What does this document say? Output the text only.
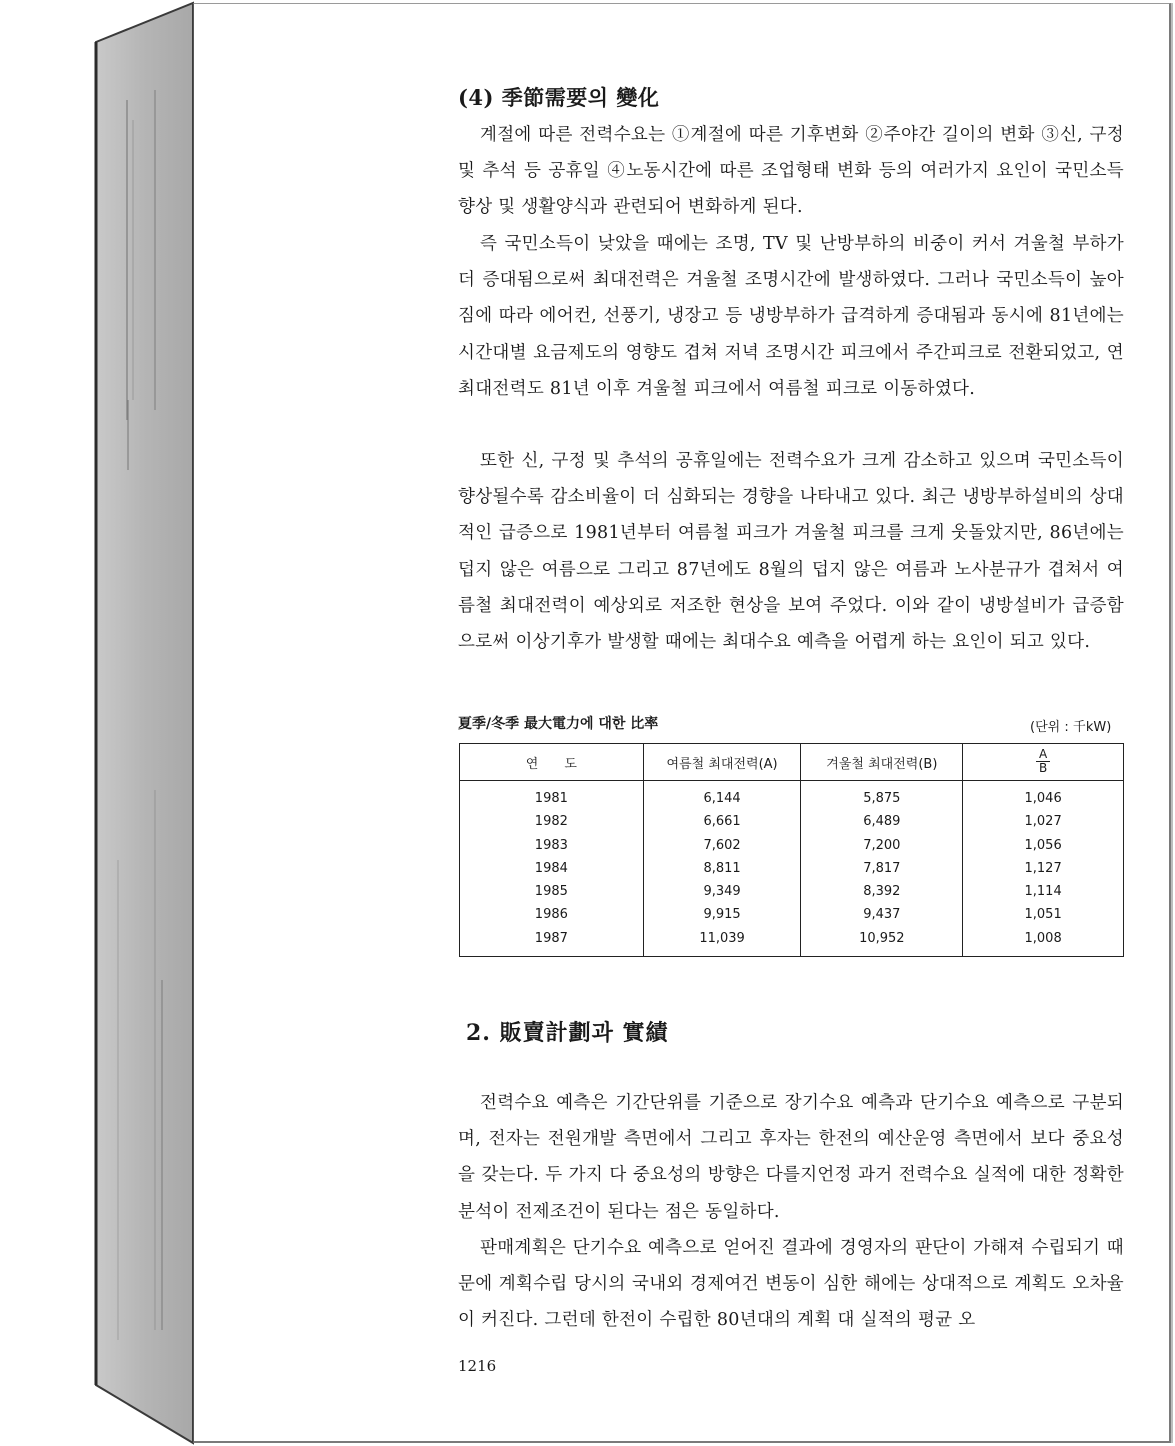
(4) 季節需要의 變化

계절에 따른 전력수요는 ①계절에 따른 기후변화 ②주야간 길이의 변화 ③신, 구정 및 추석 등 공휴일 ④노동시간에 따른 조업형태 변화 등의 여러가지 요인이 국민소득 향상 및 생활양식과 관련되어 변화하게 된다.

즉 국민소득이 낮았을 때에는 조명, TV 및 난방부하의 비중이 커서 겨울철 부하가 더 증대됨으로써 최대전력은 겨울철 조명시간에 발생하였다. 그러나 국민소득이 높아짐에 따라 에어컨, 선풍기, 냉장고 등 냉방부하가 급격하게 증대됨과 동시에 81년에는 시간대별 요금제도의 영향도 겹쳐 저녁 조명시간 피크에서 주간피크로 전환되었고, 연 최대전력도 81년 이후 겨울철 피크에서 여름철 피크로 이동하였다.

또한 신, 구정 및 추석의 공휴일에는 전력수요가 크게 감소하고 있으며 국민소득이 향상될수록 감소비율이 더 심화되는 경향을 나타내고 있다. 최근 냉방부하설비의 상대적인 급증으로 1981년부터 여름철 피크가 겨울철 피크를 크게 웃돌았지만, 86년에는 덥지 않은 여름으로 그리고 87년에도 8월의 덥지 않은 여름과 노사분규가 겹쳐서 여름철 최대전력이 예상외로 저조한 현상을 보여 주었다. 이와 같이 냉방설비가 급증함으로써 이상기후가 발생할 때에는 최대수요 예측을 어렵게 하는 요인이 되고 있다.

夏季/冬季 最大電力에 대한 比率	(단위 : 千kW)
연　　도	여름철 최대전력(A)	겨울철 최대전력(B)	$\frac{A}{B}$

1981	6,144	5,875	1,046
1982	6,661	6,489	1,027
1983	7,602	7,200	1,056
1984	8,811	7,817	1,127
1985	9,349	8,392	1,114
1986	9,915	9,437	1,051
1987	11,039	10,952	1,008
2. 販賣計劃과 實績

전력수요 예측은 기간단위를 기준으로 장기수요 예측과 단기수요 예측으로 구분되며, 전자는 전원개발 측면에서 그리고 후자는 한전의 예산운영 측면에서 보다 중요성을 갖는다. 두 가지 다 중요성의 방향은 다를지언정 과거 전력수요 실적에 대한 정확한 분석이 전제조건이 된다는 점은 동일하다.

판매계획은 단기수요 예측으로 얻어진 결과에 경영자의 판단이 가해져 수립되기 때문에 계획수립 당시의 국내외 경제여건 변동이 심한 해에는 상대적으로 계획도 오차율이 커진다. 그런데 한전이 수립한 80년대의 계획 대 실적의 평균 오

1216
